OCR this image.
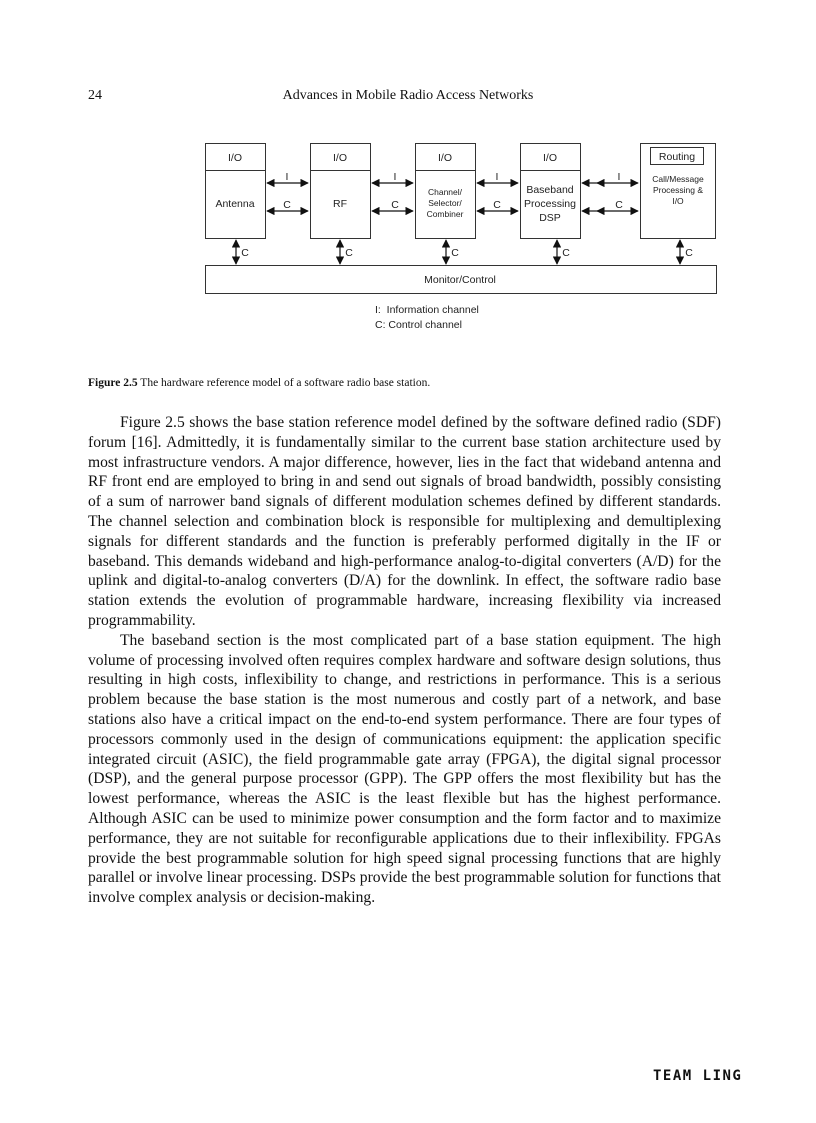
24	Advances in Mobile Radio Access Networks
I/O	I/O	I/O	I/O	Routing
Antenna	RF
Channel/
Selector/
Combiner
Baseband
Processing
DSP
Call/Message
Processing &
I/O
I
C
I
C
I
C
I
C
C	C	C	C	C
Monitor/Control
I:  Information channel
C: Control channel
Figure 2.5 The hardware reference model of a software radio base station.

Figure 2.5 shows the base station reference model defined by the software defined radio (SDF) forum [16]. Admittedly, it is fundamentally similar to the current base station architecture used by most infrastructure vendors. A major difference, however, lies in the fact that wideband antenna and RF front end are employed to bring in and send out signals of broad bandwidth, possibly consisting of a sum of narrower band signals of different modulation schemes defined by different standards. The channel selection and combination block is responsible for multiplexing and demultiplexing signals for different standards and the function is preferably performed digitally in the IF or baseband. This demands wideband and high-performance analog-to-digital converters (A/D) for the uplink and digital-to-analog converters (D/A) for the downlink. In effect, the software radio base station extends the evolution of programmable hardware, increasing flexibility via increased programmability.

The baseband section is the most complicated part of a base station equipment. The high volume of processing involved often requires complex hardware and software design solutions, thus resulting in high costs, inflexibility to change, and restrictions in performance. This is a serious problem because the base station is the most numerous and costly part of a network, and base stations also have a critical impact on the end-to-end system performance. There are four types of processors commonly used in the design of communications equipment: the application specific integrated circuit (ASIC), the field programmable gate array (FPGA), the digital signal processor (DSP), and the general purpose processor (GPP). The GPP offers the most flexibility but has the lowest performance, whereas the ASIC is the least flexible but has the highest performance. Although ASIC can be used to minimize power consumption and the form factor and to maximize performance, they are not suitable for reconfigurable applications due to their inflexibility. FPGAs provide the best programmable solution for high speed signal processing functions that are highly parallel or involve linear processing. DSPs provide the best programmable solution for functions that involve complex analysis or decision-making.

TEAM LING
